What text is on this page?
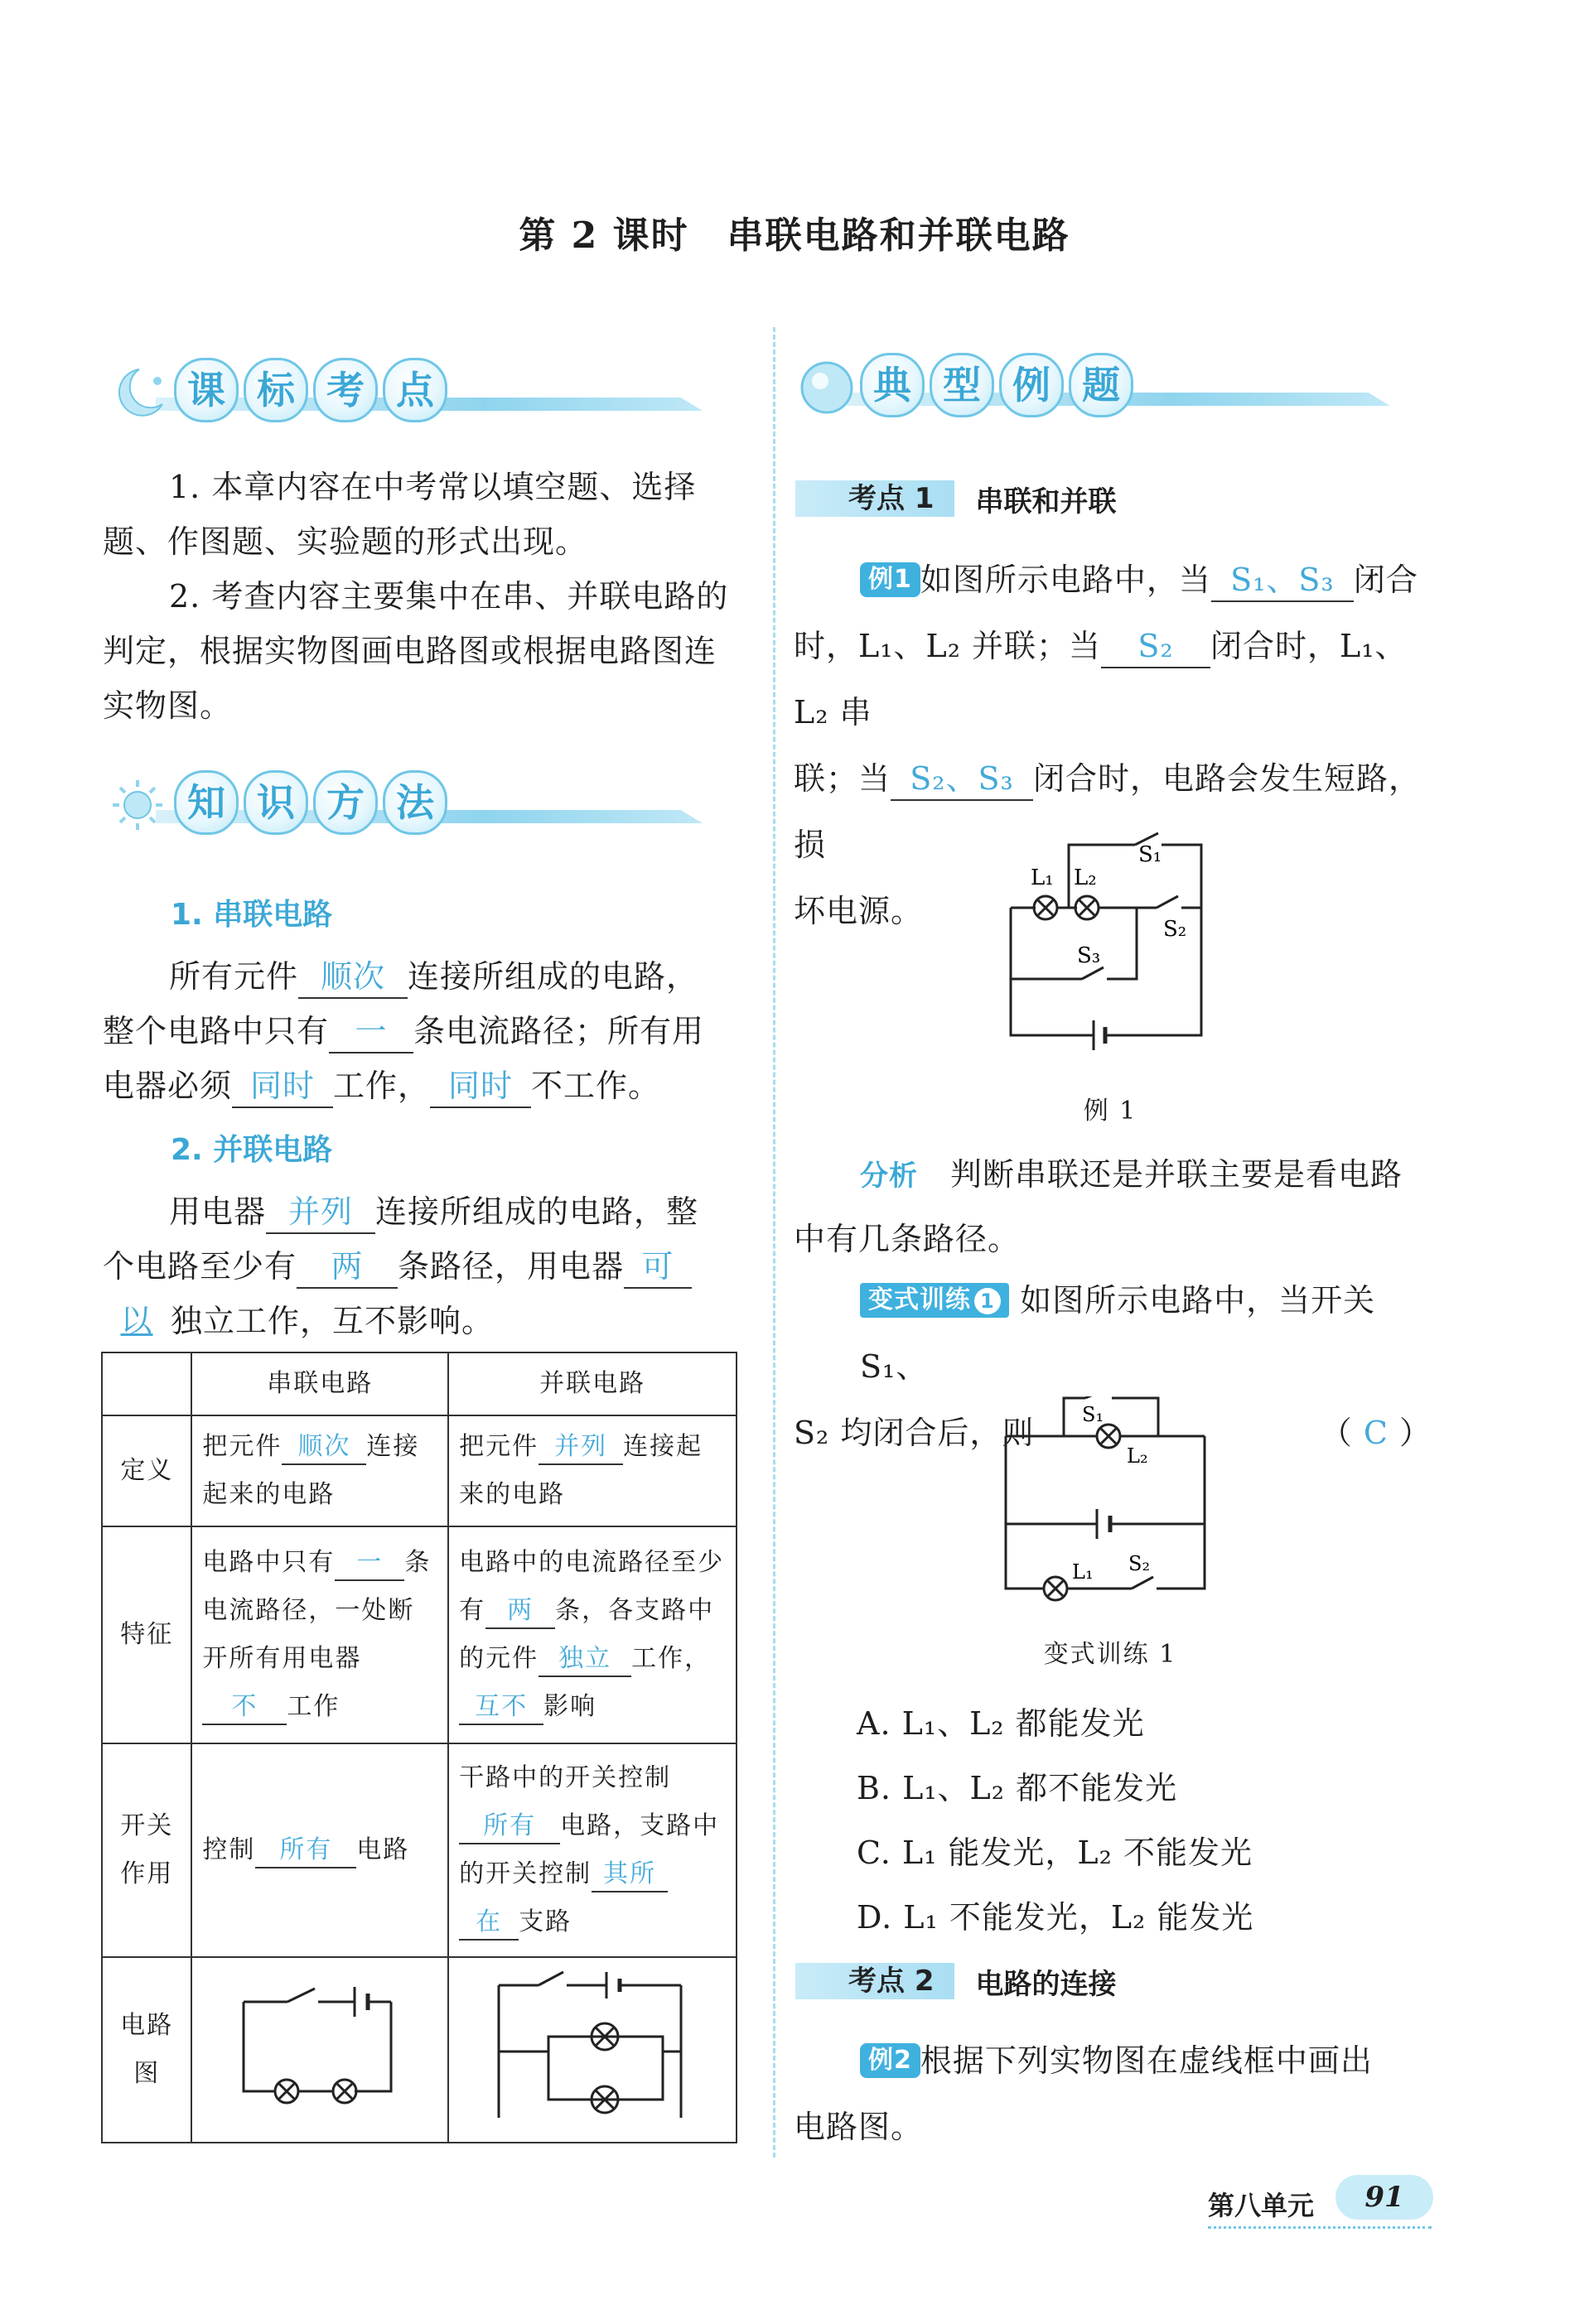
第 2 课时　串联电路和并联电路
课 标 考 点
1. 本章内容在中考常以填空题、选择题、作图题、实验题的形式出现。
2. 考查内容主要集中在串、并联电路的判定，根据实物图画电路图或根据电路图连实物图。
知 识 方 法
1. 串联电路
所有元件 顺次 连接所组成的电路，
整个电路中只有 一 条电流路径；所有用
电器必须 同时 工作， 同时 不工作。
2. 并联电路
用电器 并列 连接所组成的电路，整
个电路至少有 两 条路径，用电器 可
以 独立工作，互不影响。
	串联电路	并联电路
定义	把元件 顺次 连接起来的电路	把元件 并列 连接起来的电路
特征	电路中只有 一 条电流路径，一处断开所有用电器不 工作	电路中的电流路径至少有 两 条，各支路中的元件 独立 工作，互不 影响
开关
作用	控制 所有 电路	干路中的开关控制所有 电路，支路中的开关控制 其所在 支路
电路图		
典 型 例 题
考点 1	串联和并联
例1 如图所示电路中，当 S₁、S₃ 闭合
时，L₁、L₂ 并联；当 S₂ 闭合时，L₁、L₂ 串
联；当 S₂、S₃ 闭合时，电路会发生短路，损
坏电源。
L₁ L₂
S₁
S₂
S₃
例 1
分析　 判断串联还是并联主要是看电路
中有几条路径。
变式训练 1 如图所示电路中，当开关 S₁、
S₂ 均闭合后，则	（ C ）
S₁
L₂
L₁ S₂
变式训练 1
A. L₁、L₂ 都能发光
B. L₁、L₂ 都不能发光
C. L₁ 能发光，L₂ 不能发光
D. L₁ 不能发光，L₂ 能发光
考点 2	电路的连接
例2 根据下列实物图在虚线框中画出
电路图。
第八单元	91
